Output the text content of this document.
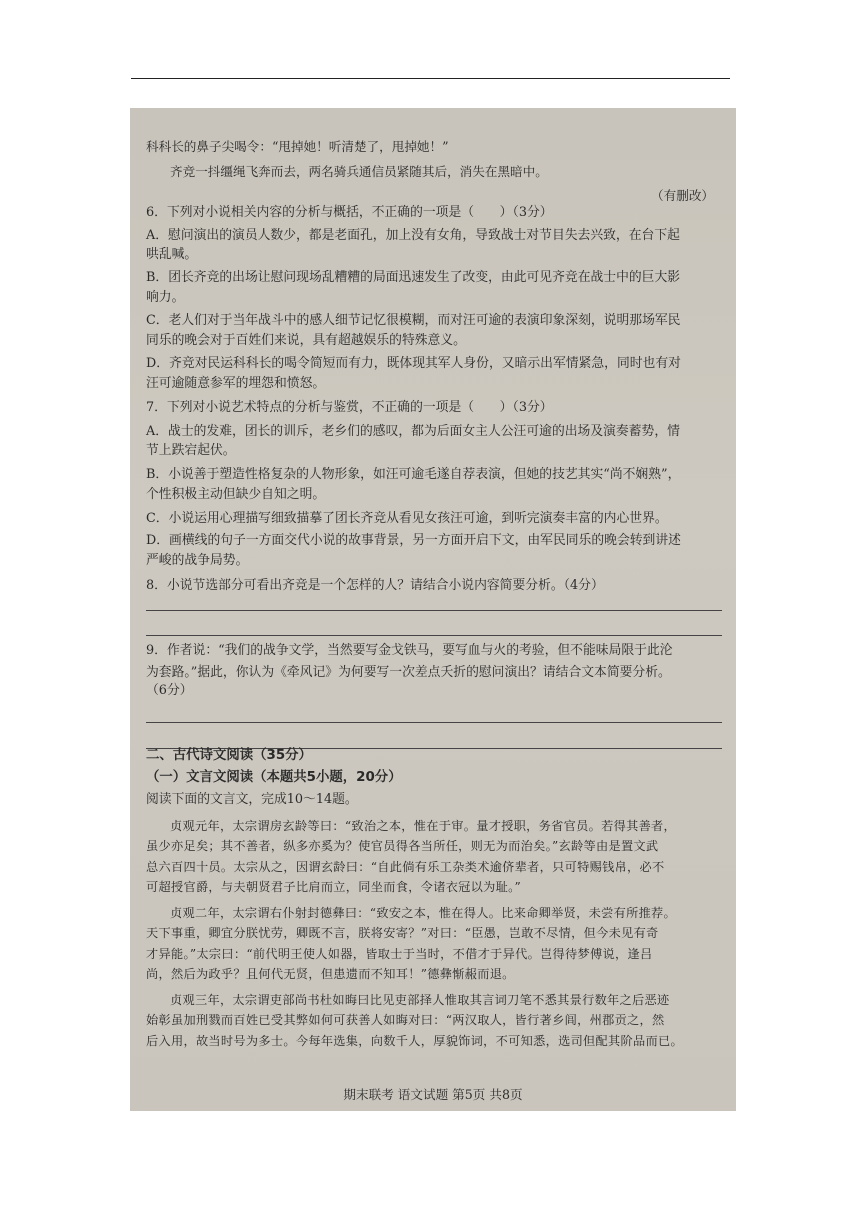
科科长的鼻子尖喝令：“甩掉她！听清楚了，甩掉她！”
齐竞一抖缰绳飞奔而去，两名骑兵通信员紧随其后，消失在黑暗中。
（有删改）
6．下列对小说相关内容的分析与概括，不正确的一项是（　　）（3分）
A．慰问演出的演员人数少，都是老面孔，加上没有女角，导致战士对节目失去兴致，在台下起
哄乱喊。
B．团长齐竞的出场让慰问现场乱糟糟的局面迅速发生了改变，由此可见齐竞在战士中的巨大影
响力。
C．老人们对于当年战斗中的感人细节记忆很模糊，而对汪可逾的表演印象深刻，说明那场军民
同乐的晚会对于百姓们来说，具有超越娱乐的特殊意义。
D．齐竞对民运科科长的喝令简短而有力，既体现其军人身份，又暗示出军情紧急，同时也有对
汪可逾随意参军的埋怨和愤怒。
7．下列对小说艺术特点的分析与鉴赏，不正确的一项是（　　）（3分）
A．战士的发难，团长的训斥，老乡们的感叹，都为后面女主人公汪可逾的出场及演奏蓄势，情
节上跌宕起伏。
B．小说善于塑造性格复杂的人物形象，如汪可逾毛遂自荐表演，但她的技艺其实“尚不娴熟”，
个性积极主动但缺少自知之明。
C．小说运用心理描写细致描摹了团长齐竞从看见女孩汪可逾，到听完演奏丰富的内心世界。
D．画横线的句子一方面交代小说的故事背景，另一方面开启下文，由军民同乐的晚会转到讲述
严峻的战争局势。
8．小说节选部分可看出齐竞是一个怎样的人？请结合小说内容简要分析。（4分）
9．作者说：“我们的战争文学，当然要写金戈铁马，要写血与火的考验，但不能味局限于此沦
为套路。”据此，你认为《牵风记》为何要写一次差点夭折的慰问演出？请结合文本简要分析。
（6分）
二、古代诗文阅读（35分）
（一）文言文阅读（本题共5小题，20分）
阅读下面的文言文，完成10～14题。
贞观元年，太宗谓房玄龄等曰：“致治之本，惟在于审。量才授职，务省官员。若得其善者，
虽少亦足矣；其不善者，纵多亦奚为？使官员得各当所任，则无为而治矣。”玄龄等由是置文武
总六百四十员。太宗从之，因谓玄龄曰：“自此倘有乐工杂类术逾侪辈者，只可特赐钱帛，必不
可超授官爵，与夫朝贤君子比肩而立，同坐而食，令诸衣冠以为耻。”
贞观二年，太宗谓右仆射封德彝曰：“致安之本，惟在得人。比来命卿举贤，未尝有所推荐。
天下事重，卿宜分朕忧劳，卿既不言，朕将安寄？”对曰：“臣愚，岂敢不尽情，但今未见有奇
才异能。”太宗曰：“前代明王使人如器，皆取士于当时，不借才于异代。岂得待梦傅说，逢吕
尚，然后为政乎？且何代无贤，但患遗而不知耳！”德彝惭赧而退。
贞观三年，太宗谓吏部尚书杜如晦曰比见吏部择人惟取其言词刀笔不悉其景行数年之后恶迹
始彰虽加刑戮而百姓已受其弊如何可获善人如晦对曰：“两汉取人，皆行著乡闾，州郡贡之，然
后入用，故当时号为多士。今每年选集，向数千人，厚貌饰词，不可知悉，选司但配其阶品而已。
期末联考 语文试题 第5页 共8页
